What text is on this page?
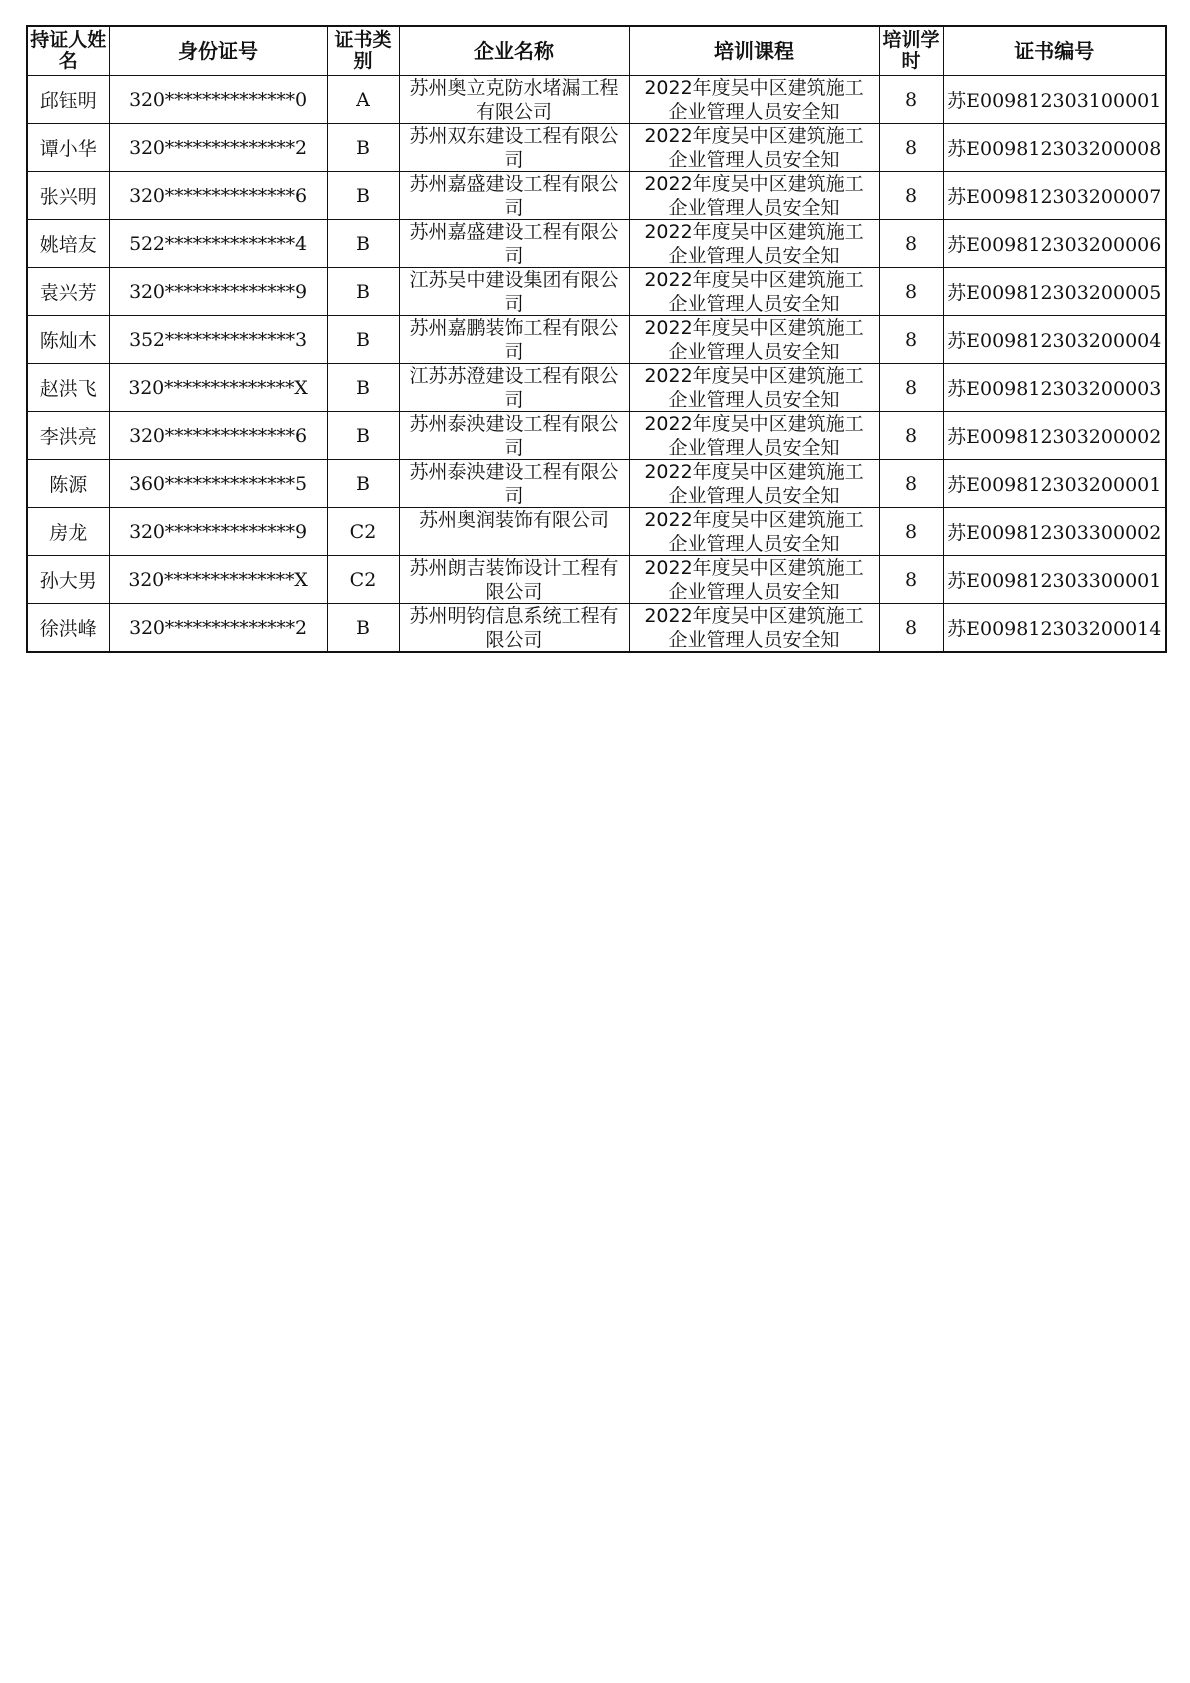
持证人姓名	身份证号	证书类别	企业名称	培训课程	培训学时	证书编号
邱钰明	320**************0	A	苏州奥立克防水堵漏工程有限公司	2022年度吴中区建筑施工企业管理人员安全知	8	苏E009812303100001
谭小华	320**************2	B	苏州双东建设工程有限公司	2022年度吴中区建筑施工企业管理人员安全知	8	苏E009812303200008
张兴明	320**************6	B	苏州嘉盛建设工程有限公司	2022年度吴中区建筑施工企业管理人员安全知	8	苏E009812303200007
姚培友	522**************4	B	苏州嘉盛建设工程有限公司	2022年度吴中区建筑施工企业管理人员安全知	8	苏E009812303200006
袁兴芳	320**************9	B	江苏吴中建设集团有限公司	2022年度吴中区建筑施工企业管理人员安全知	8	苏E009812303200005
陈灿木	352**************3	B	苏州嘉鹏装饰工程有限公司	2022年度吴中区建筑施工企业管理人员安全知	8	苏E009812303200004
赵洪飞	320**************X	B	江苏苏澄建设工程有限公司	2022年度吴中区建筑施工企业管理人员安全知	8	苏E009812303200003
李洪亮	320**************6	B	苏州泰泱建设工程有限公司	2022年度吴中区建筑施工企业管理人员安全知	8	苏E009812303200002
陈源	360**************5	B	苏州泰泱建设工程有限公司	2022年度吴中区建筑施工企业管理人员安全知	8	苏E009812303200001
房龙	320**************9	C2	苏州奥润装饰有限公司	2022年度吴中区建筑施工企业管理人员安全知	8	苏E009812303300002
孙大男	320**************X	C2	苏州朗吉装饰设计工程有限公司	2022年度吴中区建筑施工企业管理人员安全知	8	苏E009812303300001
徐洪峰	320**************2	B	苏州明钧信息系统工程有限公司	2022年度吴中区建筑施工企业管理人员安全知	8	苏E009812303200014
